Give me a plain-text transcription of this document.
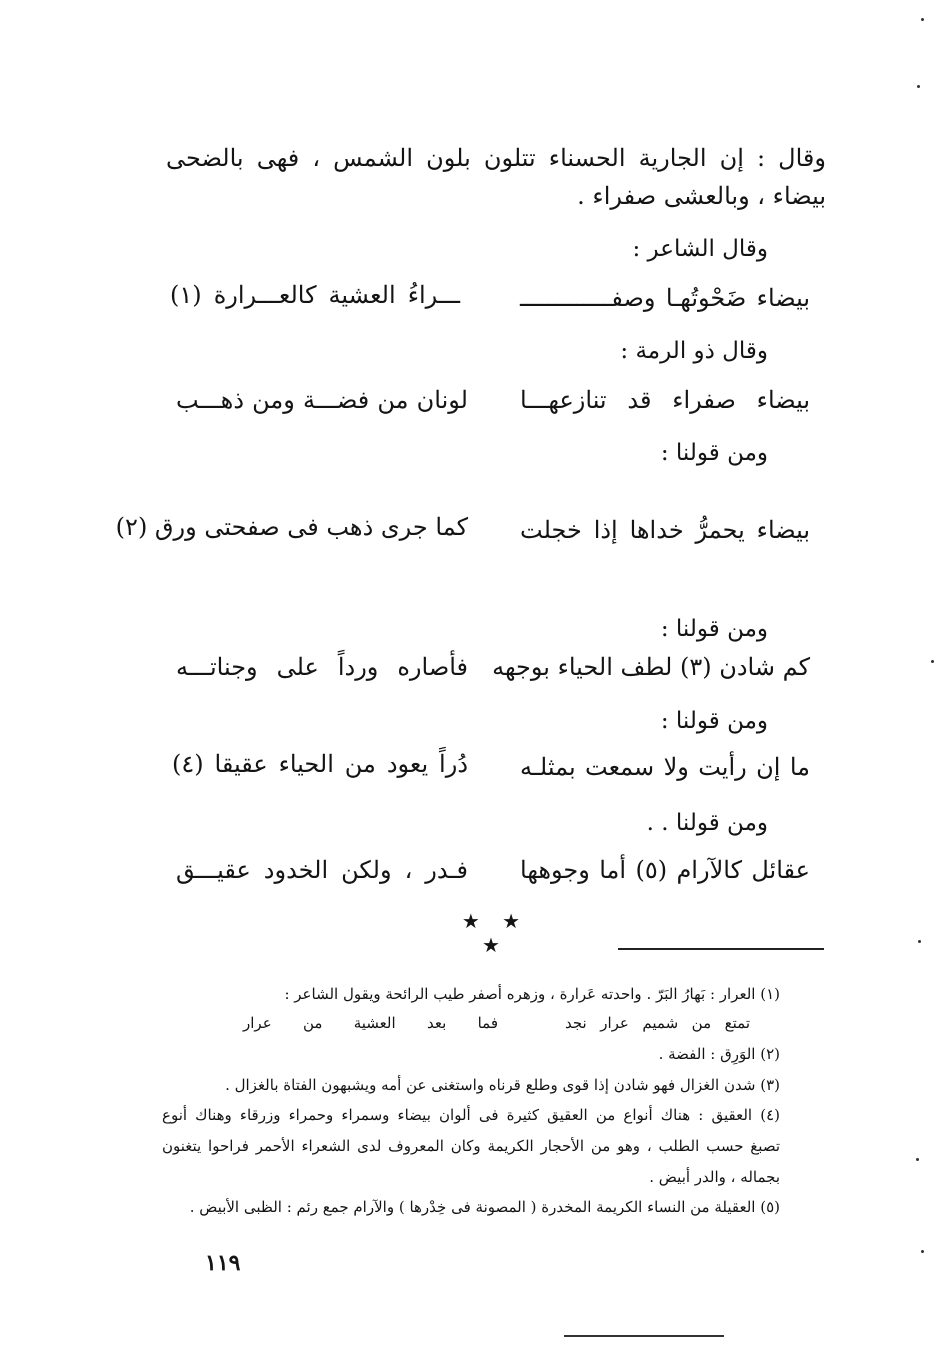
وقال : إن الجارية الحسناء تتلون بلون الشمس ، فهى بالضحى
بيضاء ، وبالعشى صفراء .
وقال الشاعر :
بيضاء ضَحْوتُهـا وصفـــــــــــــ
ـــراءُ العشية كالعـــرارة (١)
وقال ذو الرمة :
بيضاء صفراء قد تنازعهـــا
لونان من فضـــة ومن ذهـــب
ومن قولنا :
بيضاء يحمرُّ خداها إذا خجلت
كما جرى ذهب فى صفحتى ورق (٢)
ومن قولنا :
كم شادن (٣) لطف الحياء بوجهه
فأصاره ورداً على وجناتـــه
ومن قولنا :
ما إن رأيت ولا سمعت بمثلـه
دُراً يعود من الحياء عقيقا (٤)
ومن قولنا . .
عقائل كالآرام (٥) أما وجوهها
فـدر ، ولكن الخدود عقيـــق
★ ★ ★
(١) العرار : بَهارُ البَرّ . واحدته عَرارة ، وزهره أصفر طيب الرائحة ويقول الشاعر :
تمتع من شميم عرار نجد
فما بعد العشية من عرار
(٢) الوَرِق : الفضة .
(٣) شدن الغزال فهو شادن إذا قوى وطلع قرناه واستغنى عن أمه ويشبهون الفتاة بالغزال .
(٤) العقيق : هناك أنواع من العقيق كثيرة فى ألوان بيضاء وسمراء وحمراء وزرقاء وهناك أنوع
تصبغ حسب الطلب ، وهو من الأحجار الكريمة وكان المعروف لدى الشعراء الأحمر فراحوا يتغنون
بجماله ، والدر أبيض .
(٥) العقيلة من النساء الكريمة المخدرة ( المصونة فى خِدْرها ) والآرام جمع رئم : الظبى الأبيض .
١١٩
